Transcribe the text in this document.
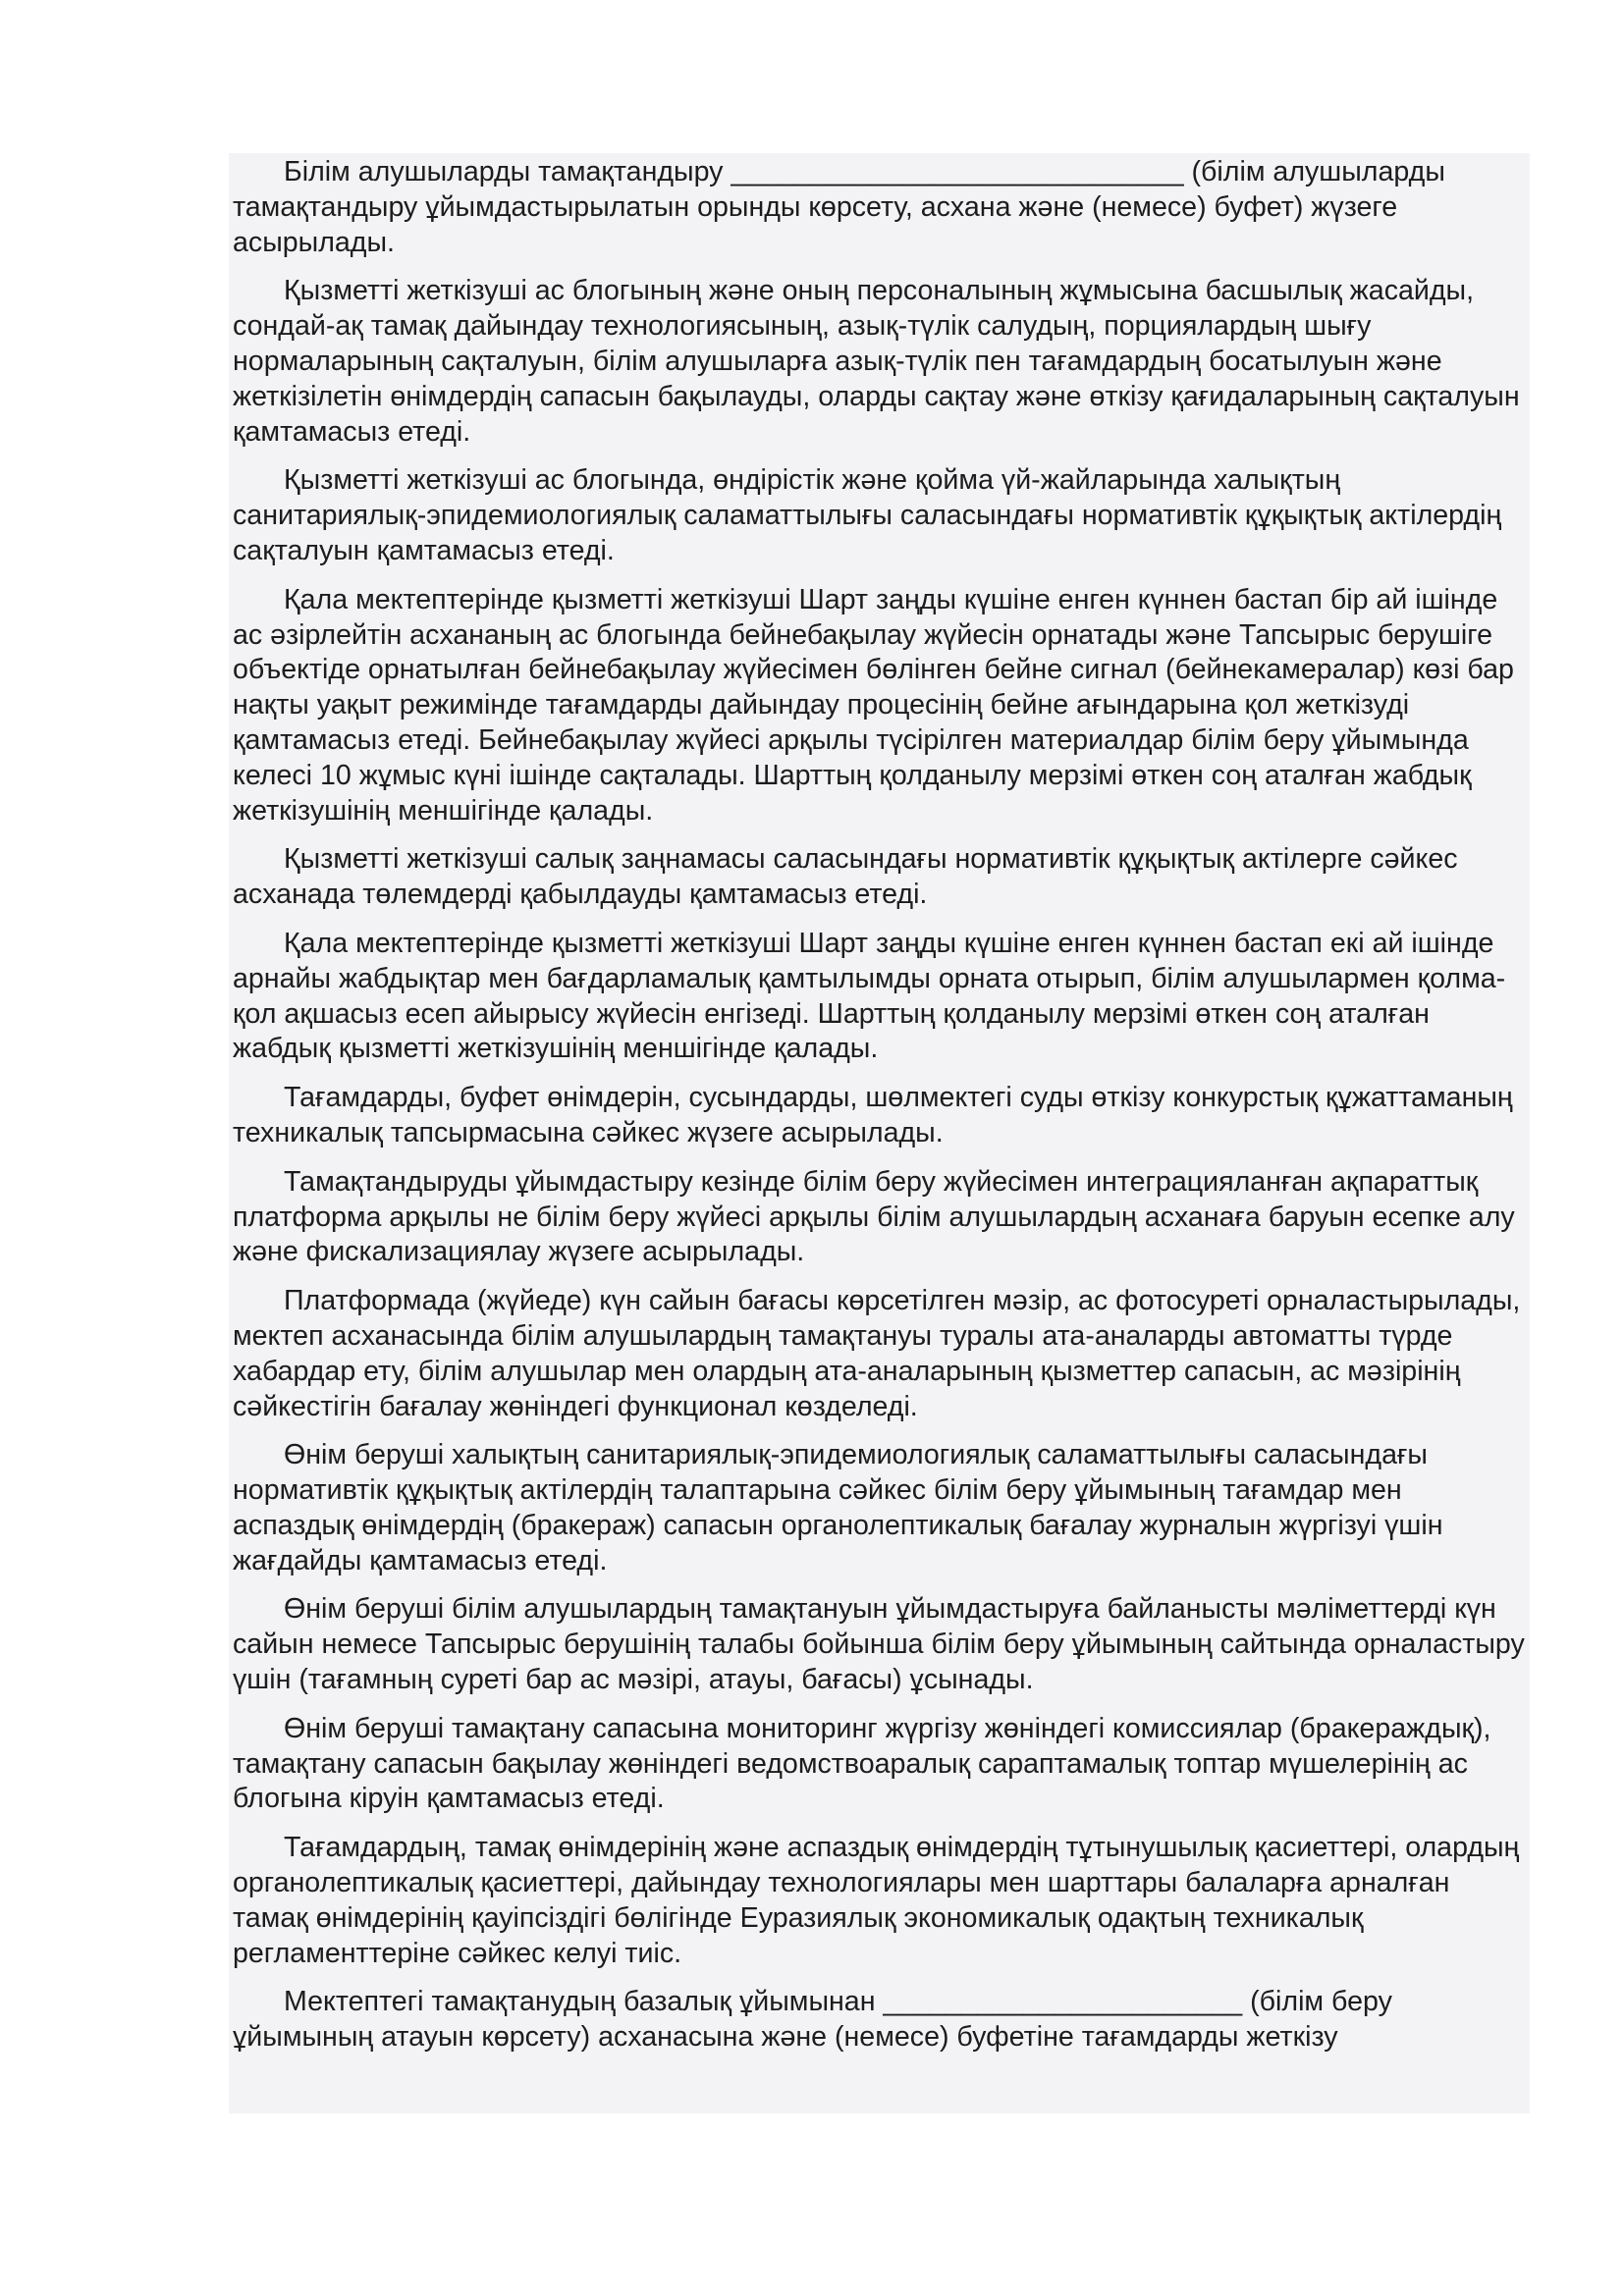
Білім алушыларды тамақтандыру _____________________________ (білім алушыларды тамақтандыру ұйымдастырылатын орынды көрсету, асхана және (немесе) буфет) жүзеге асырылады.

Қызметті жеткізуші ас блогының және оның персоналының жұмысына басшылық жасайды, сондай-ақ тамақ дайындау технологиясының, азық-түлік салудың, порциялардың шығу нормаларының сақталуын, білім алушыларға азық-түлік пен тағамдардың босатылуын және жеткізілетін өнімдердің сапасын бақылауды, оларды сақтау және өткізу қағидаларының сақталуын қамтамасыз етеді.

Қызметті жеткізуші ас блогында, өндірістік және қойма үй-жайларында халықтың санитариялық-эпидемиологиялық саламаттылығы саласындағы нормативтік құқықтық актілердің сақталуын қамтамасыз етеді.

Қала мектептерінде қызметті жеткізуші Шарт заңды күшіне енген күннен бастап бір ай ішінде ас әзірлейтін асхананың ас блогында бейнебақылау жүйесін орнатады және Тапсырыс берушіге объектіде орнатылған бейнебақылау жүйесімен бөлінген бейне сигнал (бейнекамералар) көзі бар нақты уақыт режимінде тағамдарды дайындау процесінің бейне ағындарына қол жеткізуді қамтамасыз етеді. Бейнебақылау жүйесі арқылы түсірілген материалдар білім беру ұйымында келесі 10 жұмыс күні ішінде сақталады. Шарттың қолданылу мерзімі өткен соң аталған жабдық жеткізушінің меншігінде қалады.

Қызметті жеткізуші салық заңнамасы саласындағы нормативтік құқықтық актілерге сәйкес асханада төлемдерді қабылдауды қамтамасыз етеді.

Қала мектептерінде қызметті жеткізуші Шарт заңды күшіне енген күннен бастап екі ай ішінде арнайы жабдықтар мен бағдарламалық қамтылымды орната отырып, білім алушылармен қолма-қол ақшасыз есеп айырысу жүйесін енгізеді. Шарттың қолданылу мерзімі өткен соң аталған жабдық қызметті жеткізушінің меншігінде қалады.

Тағамдарды, буфет өнімдерін, сусындарды, шөлмектегі суды өткізу конкурстық құжаттаманың техникалық тапсырмасына сәйкес жүзеге асырылады.

Тамақтандыруды ұйымдастыру кезінде білім беру жүйесімен интеграцияланған ақпараттық платформа арқылы не білім беру жүйесі арқылы білім алушылардың асханаға баруын есепке алу және фискализациялау жүзеге асырылады.

Платформада (жүйеде) күн сайын бағасы көрсетілген мәзір, ас фотосуреті орналастырылады, мектеп асханасында білім алушылардың тамақтануы туралы ата-аналарды автоматты түрде хабардар ету, білім алушылар мен олардың ата-аналарының қызметтер сапасын, ас мәзірінің сәйкестігін бағалау жөніндегі функционал көзделеді.

Өнім беруші халықтың санитариялық-эпидемиологиялық саламаттылығы саласындағы нормативтік құқықтық актілердің талаптарына сәйкес білім беру ұйымының тағамдар мен аспаздық өнімдердің (бракераж) сапасын органолептикалық бағалау журналын жүргізуі үшін жағдайды қамтамасыз етеді.

Өнім беруші білім алушылардың тамақтануын ұйымдастыруға байланысты мәліметтерді күн сайын немесе Тапсырыс берушінің талабы бойынша білім беру ұйымының сайтында орналастыру үшін (тағамның суреті бар ас мәзірі, атауы, бағасы) ұсынады.

Өнім беруші тамақтану сапасына мониторинг жүргізу жөніндегі комиссиялар (бракераждық), тамақтану сапасын бақылау жөніндегі ведомствоаралық сараптамалық топтар мүшелерінің ас блогына кіруін қамтамасыз етеді.

Тағамдардың, тамақ өнімдерінің және аспаздық өнімдердің тұтынушылық қасиеттері, олардың органолептикалық қасиеттері, дайындау технологиялары мен шарттары балаларға арналған тамақ өнімдерінің қауіпсіздігі бөлігінде Еуразиялық экономикалық одақтың техникалық регламенттеріне сәйкес келуі тиіс.

Мектептегі тамақтанудың базалық ұйымынан _______________________ (білім беру ұйымының атауын көрсету) асханасына және (немесе) буфетіне тағамдарды жеткізу
